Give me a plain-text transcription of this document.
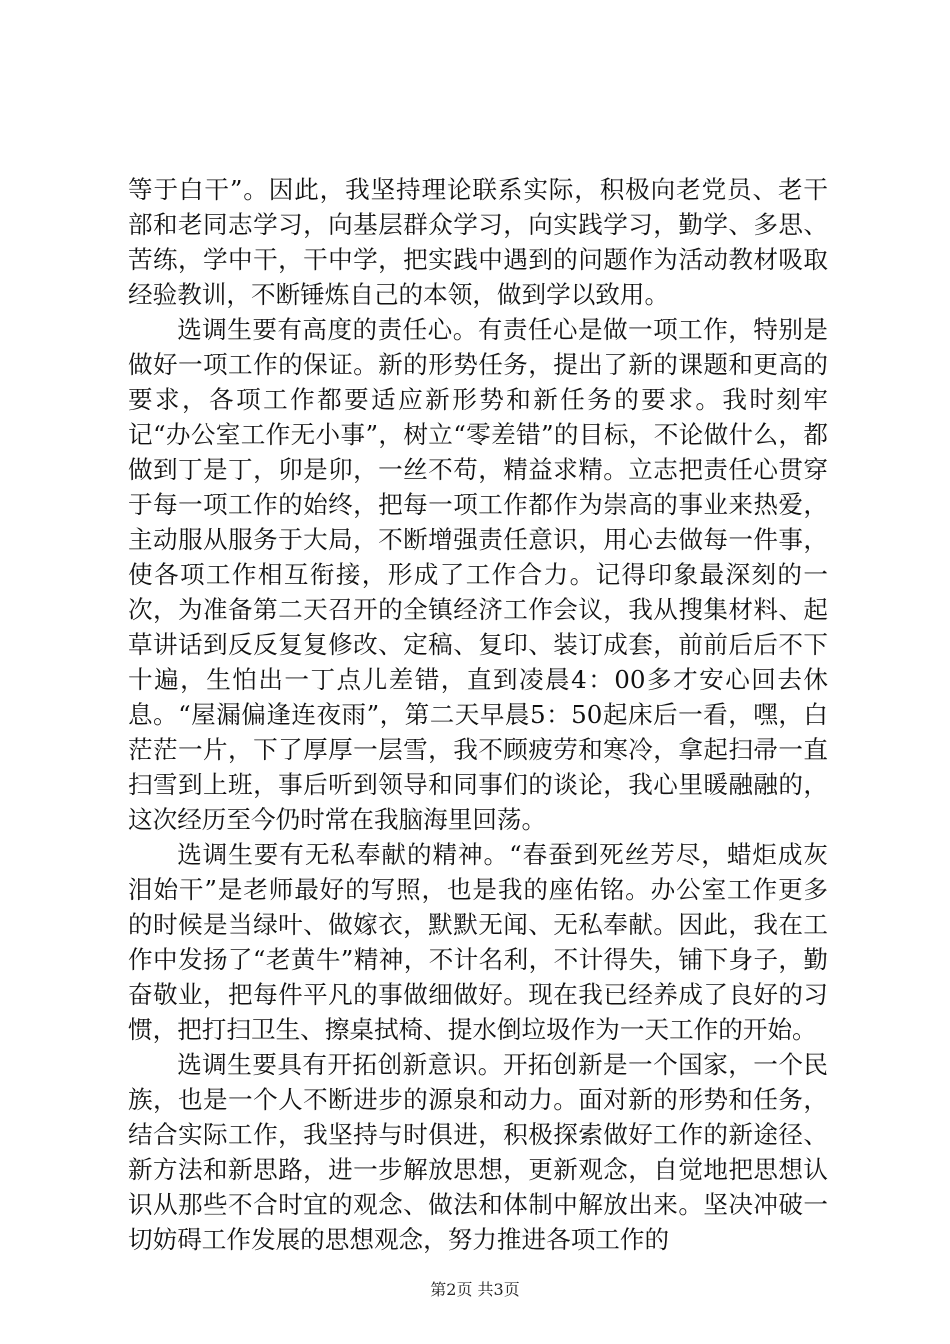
等于白干”。因此，我坚持理论联系实际，积极向老党员、老干部和老同志学习，向基层群众学习，向实践学习，勤学、多思、苦练，学中干，干中学，把实践中遇到的问题作为活动教材吸取经验教训，不断锤炼自己的本领，做到学以致用。

选调生要有高度的责任心。有责任心是做一项工作，特别是做好一项工作的保证。新的形势任务，提出了新的课题和更高的要求，各项工作都要适应新形势和新任务的要求。我时刻牢记“办公室工作无小事”，树立“零差错”的目标，不论做什么，都做到丁是丁，卯是卯，一丝不苟，精益求精。立志把责任心贯穿于每一项工作的始终，把每一项工作都作为崇高的事业来热爱，主动服从服务于大局，不断增强责任意识，用心去做每一件事，使各项工作相互衔接，形成了工作合力。记得印象最深刻的一次，为准备第二天召开的全镇经济工作会议，我从搜集材料、起草讲话到反反复复修改、定稿、复印、装订成套，前前后后不下十遍，生怕出一丁点儿差错，直到凌晨4：00多才安心回去休息。“屋漏偏逢连夜雨”，第二天早晨5：50起床后一看，嘿，白茫茫一片，下了厚厚一层雪，我不顾疲劳和寒冷，拿起扫帚一直扫雪到上班，事后听到领导和同事们的谈论，我心里暖融融的，这次经历至今仍时常在我脑海里回荡。

选调生要有无私奉献的精神。“春蚕到死丝芳尽，蜡炬成灰泪始干”是老师最好的写照，也是我的座佑铭。办公室工作更多的时候是当绿叶、做嫁衣，默默无闻、无私奉献。因此，我在工作中发扬了“老黄牛”精神，不计名利，不计得失，铺下身子，勤奋敬业，把每件平凡的事做细做好。现在我已经养成了良好的习惯，把打扫卫生、擦桌拭椅、提水倒垃圾作为一天工作的开始。

选调生要具有开拓创新意识。开拓创新是一个国家，一个民族，也是一个人不断进步的源泉和动力。面对新的形势和任务，结合实际工作，我坚持与时俱进，积极探索做好工作的新途径、新方法和新思路，进一步解放思想，更新观念，自觉地把思想认识从那些不合时宜的观念、做法和体制中解放出来。坚决冲破一切妨碍工作发展的思想观念，努力推进各项工作的

第2页 共3页
